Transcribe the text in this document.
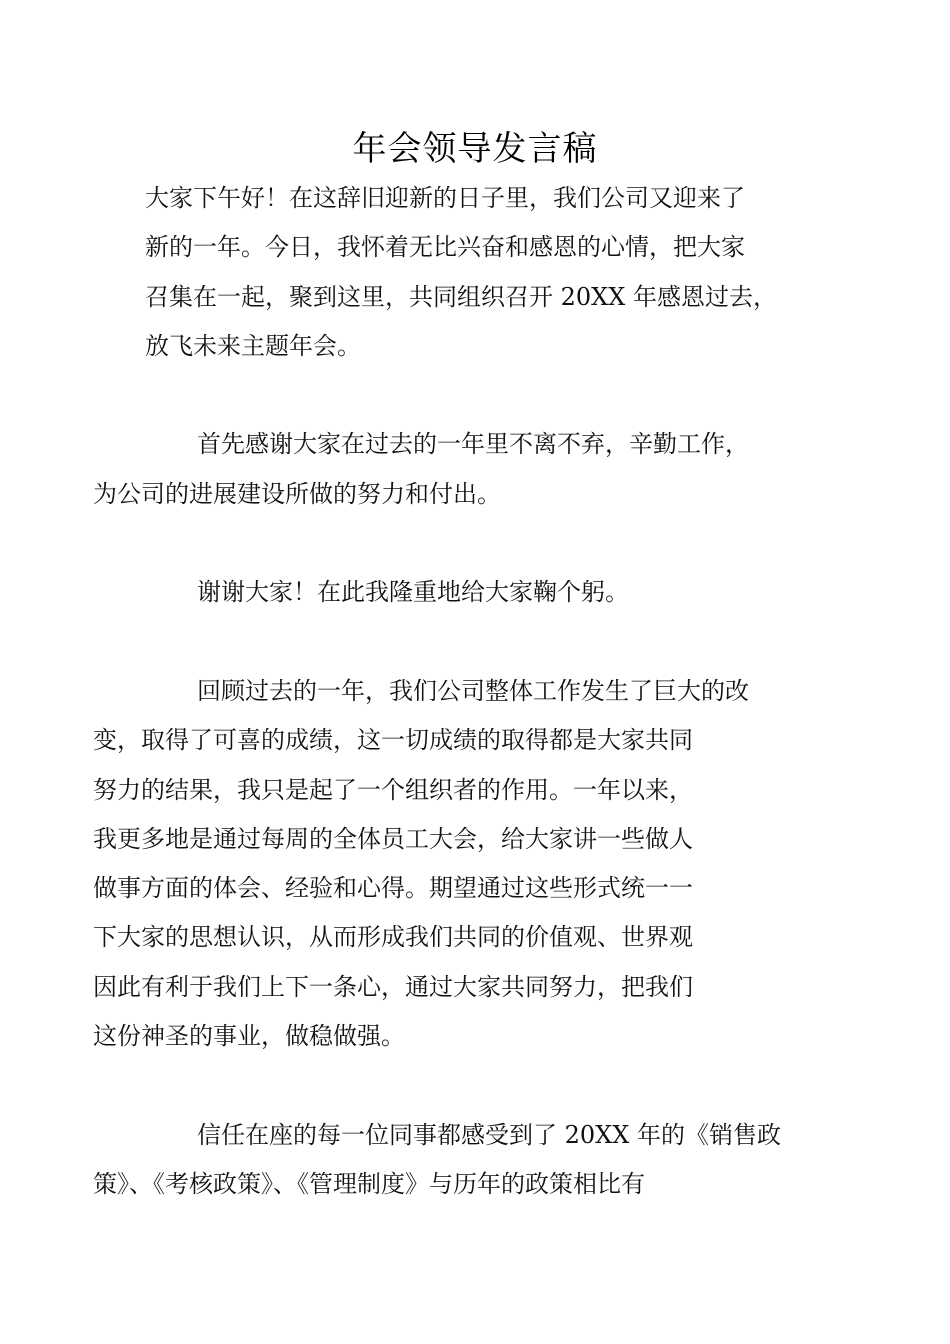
年会领导发言稿

大家下午好！在这辞旧迎新的日子里，我们公司又迎来了
新的一年。今日，我怀着无比兴奋和感恩的心情，把大家
召集在一起，聚到这里，共同组织召开 20XX 年感恩过去，
放飞未来主题年会。

首先感谢大家在过去的一年里不离不弃，辛勤工作，
为公司的进展建设所做的努力和付出。

谢谢大家！在此我隆重地给大家鞠个躬。

回顾过去的一年，我们公司整体工作发生了巨大的改
变，取得了可喜的成绩，这一切成绩的取得都是大家共同
努力的结果，我只是起了一个组织者的作用。一年以来，
我更多地是通过每周的全体员工大会，给大家讲一些做人
做事方面的体会、经验和心得。期望通过这些形式统一一
下大家的思想认识，从而形成我们共同的价值观、世界观
因此有利于我们上下一条心，通过大家共同努力，把我们
这份神圣的事业，做稳做强。

信任在座的每一位同事都感受到了 20XX 年的《销售政
策》、《考核政策》、《管理制度》与历年的政策相比有
